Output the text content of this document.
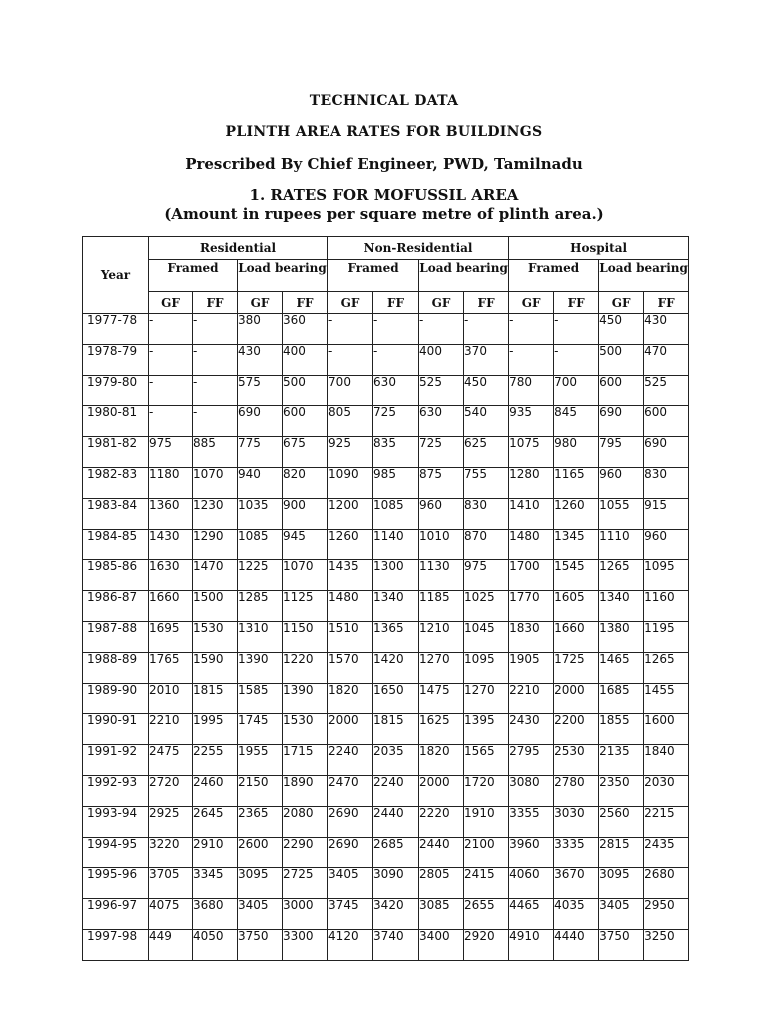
TECHNICAL DATA
PLINTH AREA RATES FOR BUILDINGS
Prescribed By Chief Engineer, PWD, Tamilnadu
1. RATES FOR MOFUSSIL AREA
(Amount in rupees per square metre of plinth area.)
Year	Residential				Non-Residential				Hospital			
	Framed		Load bearing		Framed		Load bearing		Framed		Load bearing	
	GF	FF	GF	FF	GF	FF	GF	FF	GF	FF	GF	FF
1977-78	-	-	380	360	-	-	-	-	-	-	450	430
1978-79	-	-	430	400	-	-	400	370	-	-	500	470
1979-80	-	-	575	500	700	630	525	450	780	700	600	525
1980-81	-	-	690	600	805	725	630	540	935	845	690	600
1981-82	975	885	775	675	925	835	725	625	1075	980	795	690
1982-83	1180	1070	940	820	1090	985	875	755	1280	1165	960	830
1983-84	1360	1230	1035	900	1200	1085	960	830	1410	1260	1055	915
1984-85	1430	1290	1085	945	1260	1140	1010	870	1480	1345	1110	960
1985-86	1630	1470	1225	1070	1435	1300	1130	975	1700	1545	1265	1095
1986-87	1660	1500	1285	1125	1480	1340	1185	1025	1770	1605	1340	1160
1987-88	1695	1530	1310	1150	1510	1365	1210	1045	1830	1660	1380	1195
1988-89	1765	1590	1390	1220	1570	1420	1270	1095	1905	1725	1465	1265
1989-90	2010	1815	1585	1390	1820	1650	1475	1270	2210	2000	1685	1455
1990-91	2210	1995	1745	1530	2000	1815	1625	1395	2430	2200	1855	1600
1991-92	2475	2255	1955	1715	2240	2035	1820	1565	2795	2530	2135	1840
1992-93	2720	2460	2150	1890	2470	2240	2000	1720	3080	2780	2350	2030
1993-94	2925	2645	2365	2080	2690	2440	2220	1910	3355	3030	2560	2215
1994-95	3220	2910	2600	2290	2690	2685	2440	2100	3960	3335	2815	2435
1995-96	3705	3345	3095	2725	3405	3090	2805	2415	4060	3670	3095	2680
1996-97	4075	3680	3405	3000	3745	3420	3085	2655	4465	4035	3405	2950
1997-98	449	4050	3750	3300	4120	3740	3400	2920	4910	4440	3750	3250
